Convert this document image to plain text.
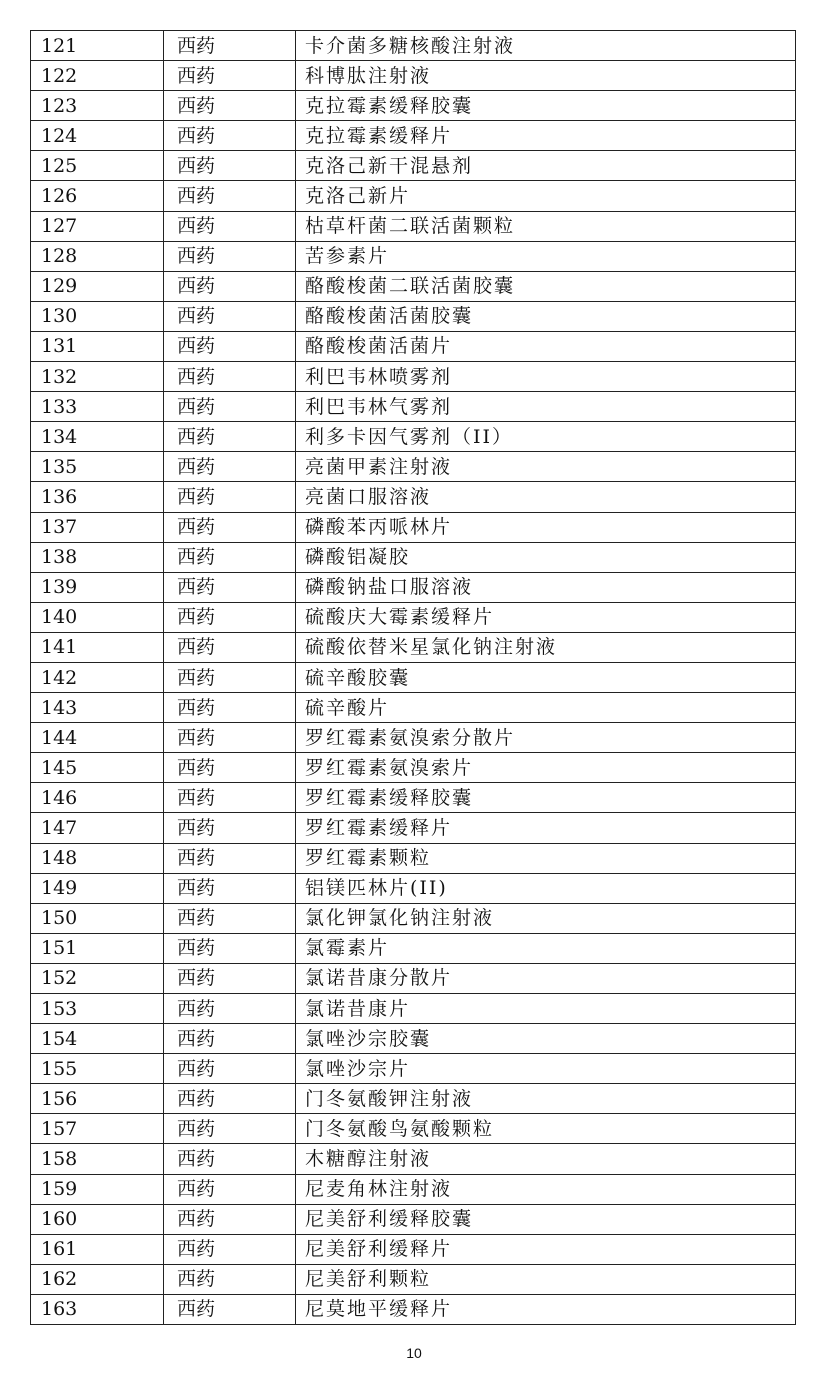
121	西药	卡介菌多糖核酸注射液
122	西药	科博肽注射液
123	西药	克拉霉素缓释胶囊
124	西药	克拉霉素缓释片
125	西药	克洛己新干混悬剂
126	西药	克洛己新片
127	西药	枯草杆菌二联活菌颗粒
128	西药	苦参素片
129	西药	酪酸梭菌二联活菌胶囊
130	西药	酪酸梭菌活菌胶囊
131	西药	酪酸梭菌活菌片
132	西药	利巴韦林喷雾剂
133	西药	利巴韦林气雾剂
134	西药	利多卡因气雾剂（II）
135	西药	亮菌甲素注射液
136	西药	亮菌口服溶液
137	西药	磷酸苯丙哌林片
138	西药	磷酸铝凝胶
139	西药	磷酸钠盐口服溶液
140	西药	硫酸庆大霉素缓释片
141	西药	硫酸依替米星氯化钠注射液
142	西药	硫辛酸胶囊
143	西药	硫辛酸片
144	西药	罗红霉素氨溴索分散片
145	西药	罗红霉素氨溴索片
146	西药	罗红霉素缓释胶囊
147	西药	罗红霉素缓释片
148	西药	罗红霉素颗粒
149	西药	铝镁匹林片(II)
150	西药	氯化钾氯化钠注射液
151	西药	氯霉素片
152	西药	氯诺昔康分散片
153	西药	氯诺昔康片
154	西药	氯唑沙宗胶囊
155	西药	氯唑沙宗片
156	西药	门冬氨酸钾注射液
157	西药	门冬氨酸鸟氨酸颗粒
158	西药	木糖醇注射液
159	西药	尼麦角林注射液
160	西药	尼美舒利缓释胶囊
161	西药	尼美舒利缓释片
162	西药	尼美舒利颗粒
163	西药	尼莫地平缓释片
10
